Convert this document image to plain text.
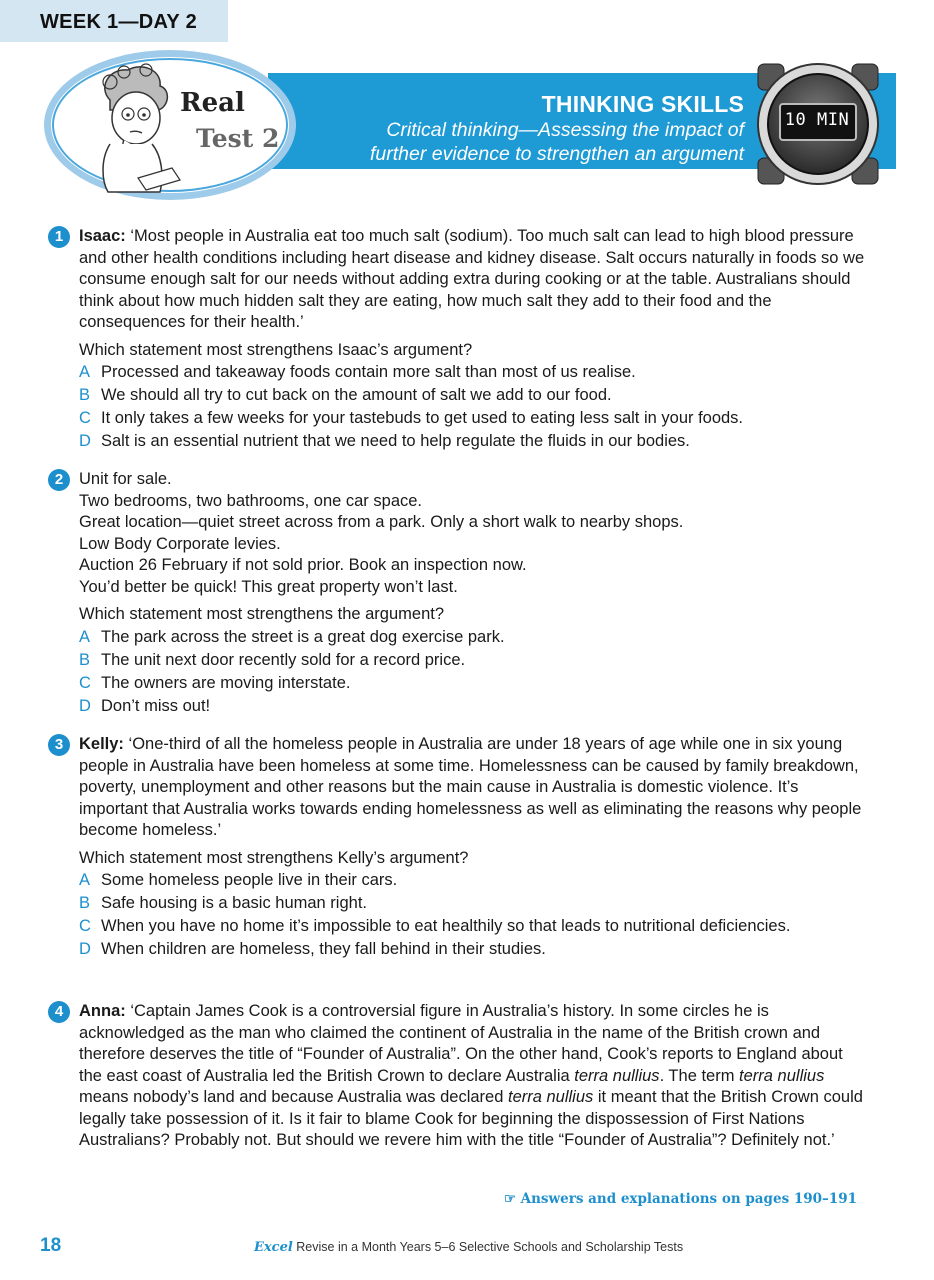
WEEK 1—DAY 2
THINKING SKILLS
Critical thinking—Assessing the impact of
further evidence to strengthen an argument
Real
Test 2
10 MIN
1 Isaac: ‘Most people in Australia eat too much salt (sodium). Too much salt can lead to high blood pressure and other health conditions including heart disease and kidney disease. Salt occurs naturally in foods so we consume enough salt for our needs without adding extra during cooking or at the table. Australians should think about how much hidden salt they are eating, how much salt they add to their food and the consequences for their health.’

Which statement most strengthens Isaac’s argument?

A Processed and takeaway foods contain more salt than most of us realise.
B We should all try to cut back on the amount of salt we add to our food.
C It only takes a few weeks for your tastebuds to get used to eating less salt in your foods.
D Salt is an essential nutrient that we need to help regulate the fluids in our bodies.
2 Unit for sale.

Two bedrooms, two bathrooms, one car space.

Great location—quiet street across from a park. Only a short walk to nearby shops.

Low Body Corporate levies.

Auction 26 February if not sold prior. Book an inspection now.

You’d better be quick! This great property won’t last.

Which statement most strengthens the argument?

A The park across the street is a great dog exercise park.
B The unit next door recently sold for a record price.
C The owners are moving interstate.
D Don’t miss out!
3 Kelly: ‘One-third of all the homeless people in Australia are under 18 years of age while one in six young people in Australia have been homeless at some time. Homelessness can be caused by family breakdown, poverty, unemployment and other reasons but the main cause in Australia is domestic violence. It’s important that Australia works towards ending homelessness as well as eliminating the reasons why people become homeless.’

Which statement most strengthens Kelly’s argument?

A Some homeless people live in their cars.
B Safe housing is a basic human right.
C When you have no home it’s impossible to eat healthily so that leads to nutritional deficiencies.
D When children are homeless, they fall behind in their studies.
4 Anna: ‘Captain James Cook is a controversial figure in Australia’s history. In some circles he is acknowledged as the man who claimed the continent of Australia in the name of the British crown and therefore deserves the title of “Founder of Australia”. On the other hand, Cook’s reports to England about the east coast of Australia led the British Crown to declare Australia terra nullius. The term terra nullius means nobody’s land and because Australia was declared terra nullius it meant that the British Crown could legally take possession of it. Is it fair to blame Cook for beginning the dispossession of First Nations Australians? Probably not. But should we revere him with the title “Founder of Australia”? Definitely not.’

☞ Answers and explanations on pages 190–191
18	Excel Revise in a Month Years 5–6 Selective Schools and Scholarship Tests
